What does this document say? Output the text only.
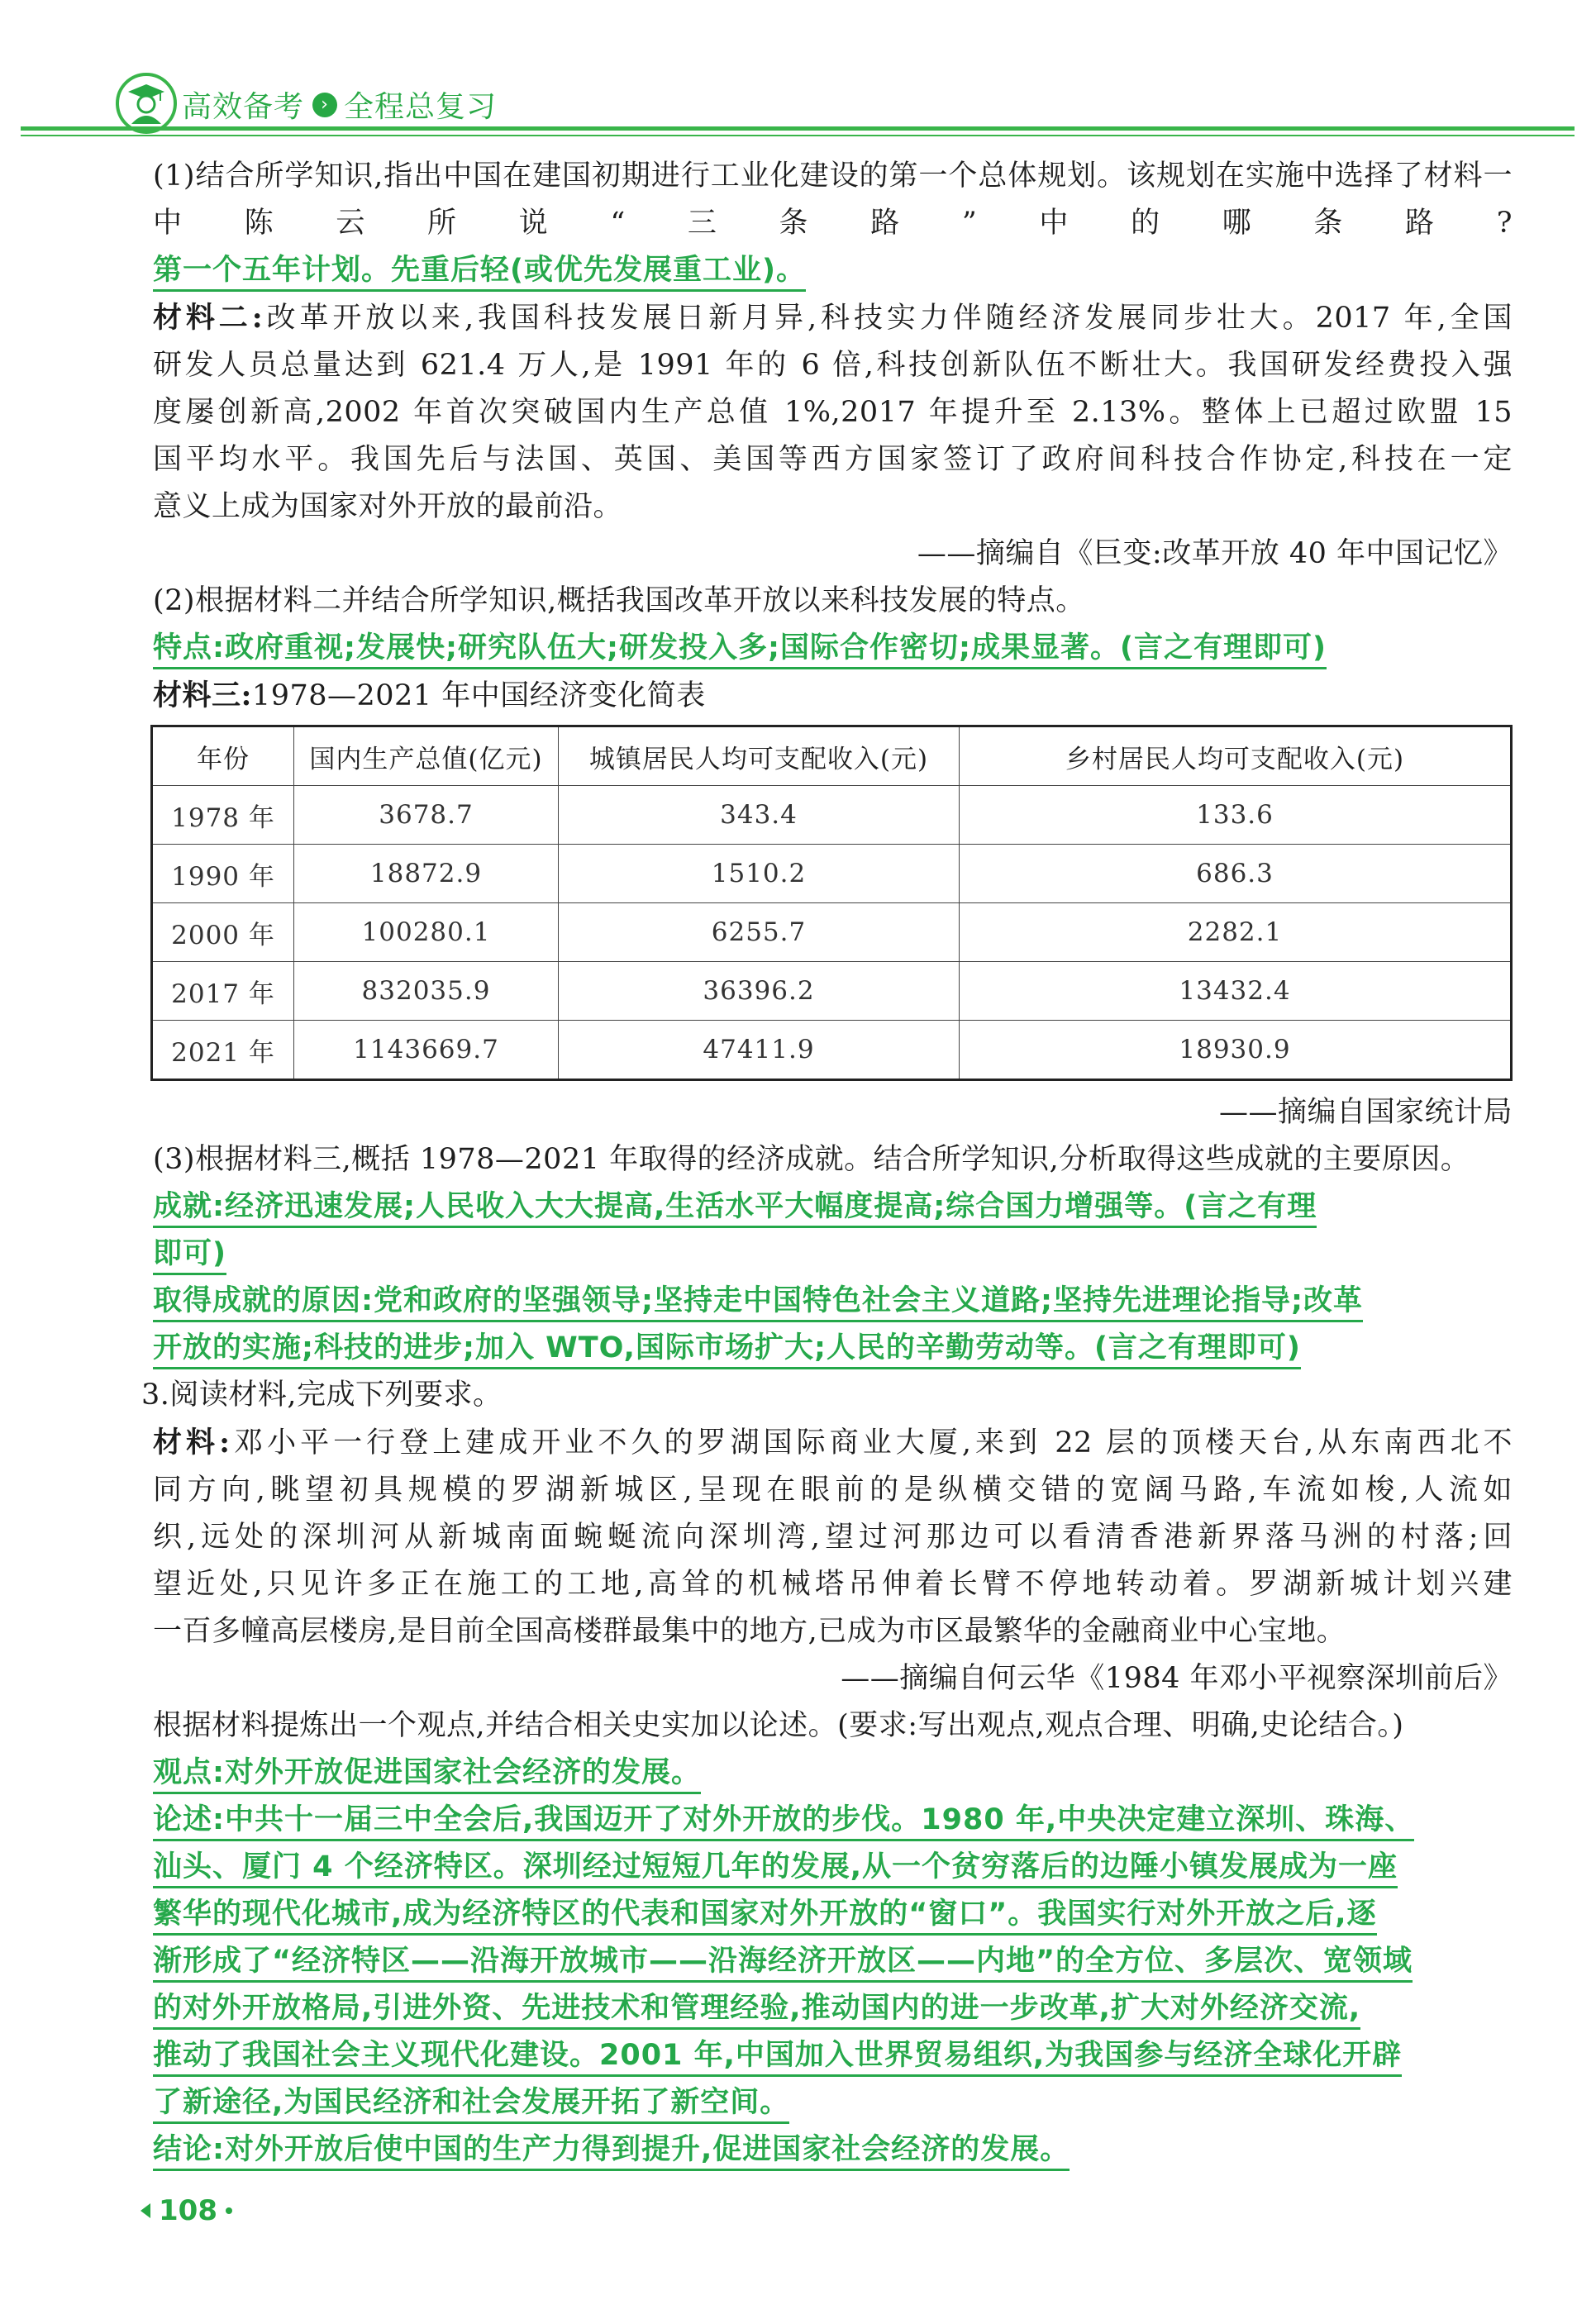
高效备考 › 全程总复习
(1)结合所学知识,指出中国在建国初期进行工业化建设的第一个总体规划。该规划在实施中选择了材料一中陈云所说“三条路”中的哪条路?
第一个五年计划。先重后轻(或优先发展重工业)。
材料二:改革开放以来,我国科技发展日新月异,科技实力伴随经济发展同步壮大。2017 年,全国
研发人员总量达到 621.4 万人,是 1991 年的 6 倍,科技创新队伍不断壮大。我国研发经费投入强
度屡创新高,2002 年首次突破国内生产总值 1%,2017 年提升至 2.13%。整体上已超过欧盟 15
国平均水平。我国先后与法国、英国、美国等西方国家签订了政府间科技合作协定,科技在一定
意义上成为国家对外开放的最前沿。
——摘编自《巨变:改革开放 40 年中国记忆》
(2)根据材料二并结合所学知识,概括我国改革开放以来科技发展的特点。
特点:政府重视;发展快;研究队伍大;研发投入多;国际合作密切;成果显著。(言之有理即可)
材料三:1978—2021 年中国经济变化简表
年份	国内生产总值(亿元)	城镇居民人均可支配收入(元)	乡村居民人均可支配收入(元)
1978 年	3678.7	343.4	133.6
1990 年	18872.9	1510.2	686.3
2000 年	100280.1	6255.7	2282.1
2017 年	832035.9	36396.2	13432.4
2021 年	1143669.7	47411.9	18930.9
——摘编自国家统计局
(3)根据材料三,概括 1978—2021 年取得的经济成就。结合所学知识,分析取得这些成就的主要原因。
成就:经济迅速发展;人民收入大大提高,生活水平大幅度提高;综合国力增强等。(言之有理
即可)
取得成就的原因:党和政府的坚强领导;坚持走中国特色社会主义道路;坚持先进理论指导;改革
开放的实施;科技的进步;加入 WTO,国际市场扩大;人民的辛勤劳动等。(言之有理即可)
3.阅读材料,完成下列要求。
材料:邓小平一行登上建成开业不久的罗湖国际商业大厦,来到 22 层的顶楼天台,从东南西北不
同方向,眺望初具规模的罗湖新城区,呈现在眼前的是纵横交错的宽阔马路,车流如梭,人流如
织,远处的深圳河从新城南面蜿蜒流向深圳湾,望过河那边可以看清香港新界落马洲的村落;回
望近处,只见许多正在施工的工地,高耸的机械塔吊伸着长臂不停地转动着。罗湖新城计划兴建
一百多幢高层楼房,是目前全国高楼群最集中的地方,已成为市区最繁华的金融商业中心宝地。
——摘编自何云华《1984 年邓小平视察深圳前后》
根据材料提炼出一个观点,并结合相关史实加以论述。(要求:写出观点,观点合理、明确,史论结合。)
观点:对外开放促进国家社会经济的发展。
论述:中共十一届三中全会后,我国迈开了对外开放的步伐。1980 年,中央决定建立深圳、珠海、
汕头、厦门 4 个经济特区。深圳经过短短几年的发展,从一个贫穷落后的边陲小镇发展成为一座
繁华的现代化城市,成为经济特区的代表和国家对外开放的“窗口”。我国实行对外开放之后,逐
渐形成了“经济特区——沿海开放城市——沿海经济开放区——内地”的全方位、多层次、宽领域
的对外开放格局,引进外资、先进技术和管理经验,推动国内的进一步改革,扩大对外经济交流,
推动了我国社会主义现代化建设。2001 年,中国加入世界贸易组织,为我国参与经济全球化开辟
了新途径,为国民经济和社会发展开拓了新空间。
结论:对外开放后使中国的生产力得到提升,促进国家社会经济的发展。
108
